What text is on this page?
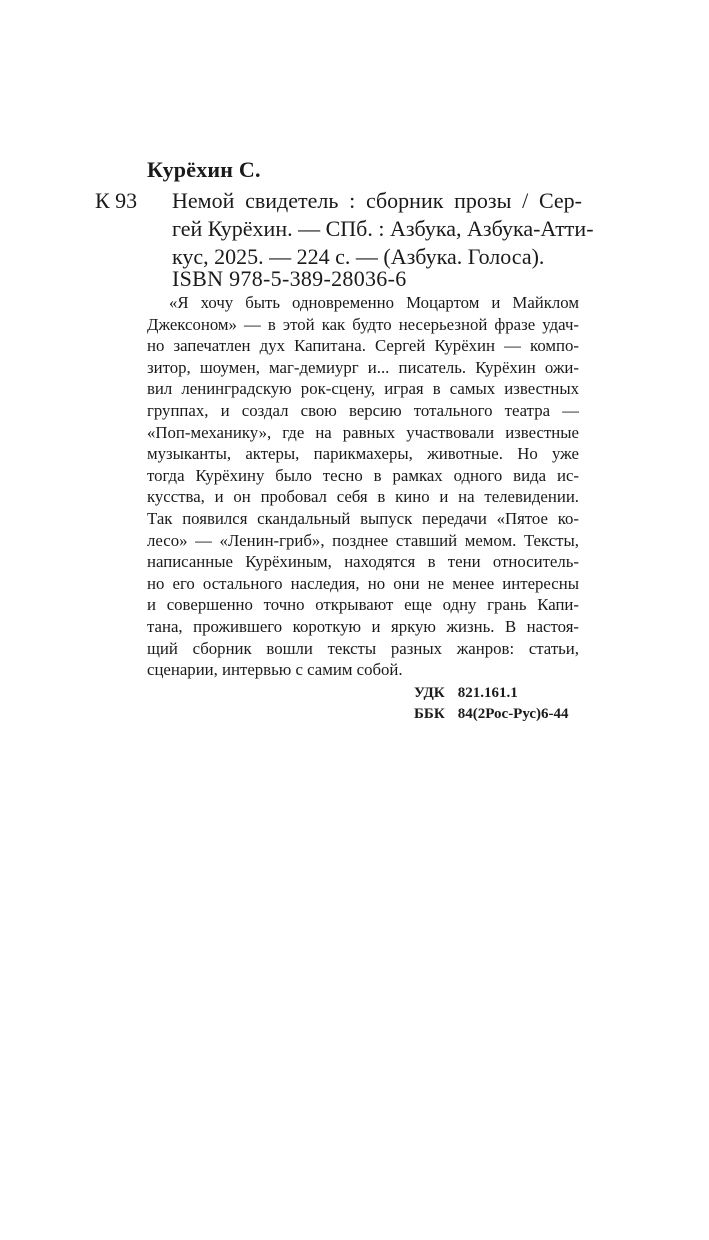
Курёхин С.
К 93 Немой свидетель : сборник прозы / Сер-
гей Курёхин. — СПб. : Азбука, Азбука-Атти-
кус, 2025. — 224 с. — (Азбука. Голоса).
ISBN 978-5-389-28036-6
«Я хочу быть одновременно Моцартом и Майклом
Джексоном» — в этой как будто несерьезной фразе удач-
но запечатлен дух Капитана. Сергей Курёхин — компо-
зитор, шоумен, маг-демиург и... писатель. Курёхин ожи-
вил ленинградскую рок-сцену, играя в самых известных
группах, и создал свою версию тотального театра —
«Поп-механику», где на равных участвовали известные
музыканты, актеры, парикмахеры, животные. Но уже
тогда Курёхину было тесно в рамках одного вида ис-
кусства, и он пробовал себя в кино и на телевидении.
Так появился скандальный выпуск передачи «Пятое ко-
лесо» — «Ленин-гриб», позднее ставший мемом. Тексты,
написанные Курёхиным, находятся в тени относитель-
но его остального наследия, но они не менее интересны
и совершенно точно открывают еще одну грань Капи-
тана, прожившего короткую и яркую жизнь. В настоя-
щий сборник вошли тексты разных жанров: статьи,
сценарии, интервью с самим собой.
УДК 821.161.1
ББК 84(2Рос-Рус)6-44
